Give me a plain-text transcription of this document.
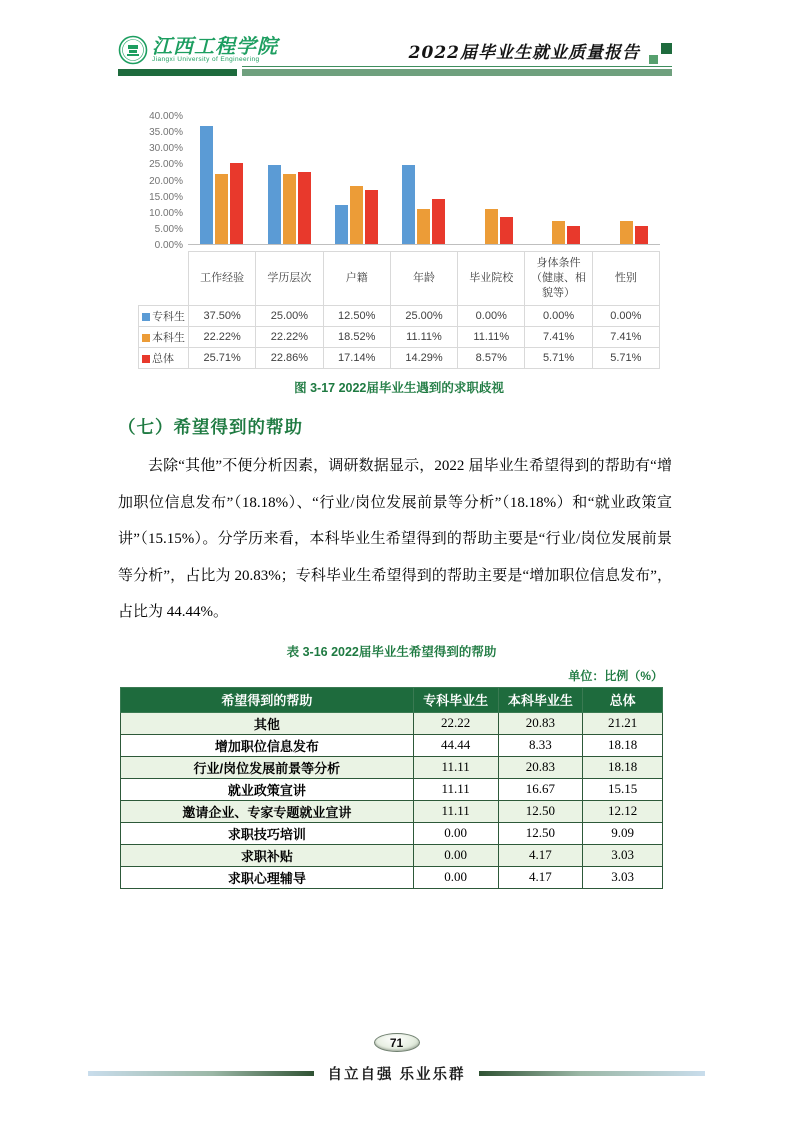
江西工程学院
Jiangxi University of Engineering	2022届毕业生就业质量报告
40.00%
35.00%
30.00%
25.00%
20.00%
15.00%
10.00%
5.00%
0.00%
	工作经验	学历层次	户籍	年龄	毕业院校	身体条件（健康、相貌等）	性别
专科生	37.50%	25.00%	12.50%	25.00%	0.00%	0.00%	0.00%
本科生	22.22%	22.22%	18.52%	11.11%	11.11%	7.41%	7.41%
总体	25.71%	22.86%	17.14%	14.29%	8.57%	5.71%	5.71%
图 3-17 2022届毕业生遇到的求职歧视
（七）希望得到的帮助
去除“其他”不便分析因素，调研数据显示，2022 届毕业生希望得到的帮助有“增加职位信息发布”（18.18%）、“行业/岗位发展前景等分析”（18.18%）和“就业政策宣讲”（15.15%）。分学历来看，本科毕业生希望得到的帮助主要是“行业/岗位发展前景等分析”，占比为 20.83%；专科毕业生希望得到的帮助主要是“增加职位信息发布”，占比为 44.44%。
表 3-16 2022届毕业生希望得到的帮助
单位：比例（%）
希望得到的帮助	专科毕业生	本科毕业生	总体
其他	22.22	20.83	21.21
增加职位信息发布	44.44	8.33	18.18
行业/岗位发展前景等分析	11.11	20.83	18.18
就业政策宣讲	11.11	16.67	15.15
邀请企业、专家专题就业宣讲	11.11	12.50	12.12
求职技巧培训	0.00	12.50	9.09
求职补贴	0.00	4.17	3.03
求职心理辅导	0.00	4.17	3.03
71
自立自强 乐业乐群
